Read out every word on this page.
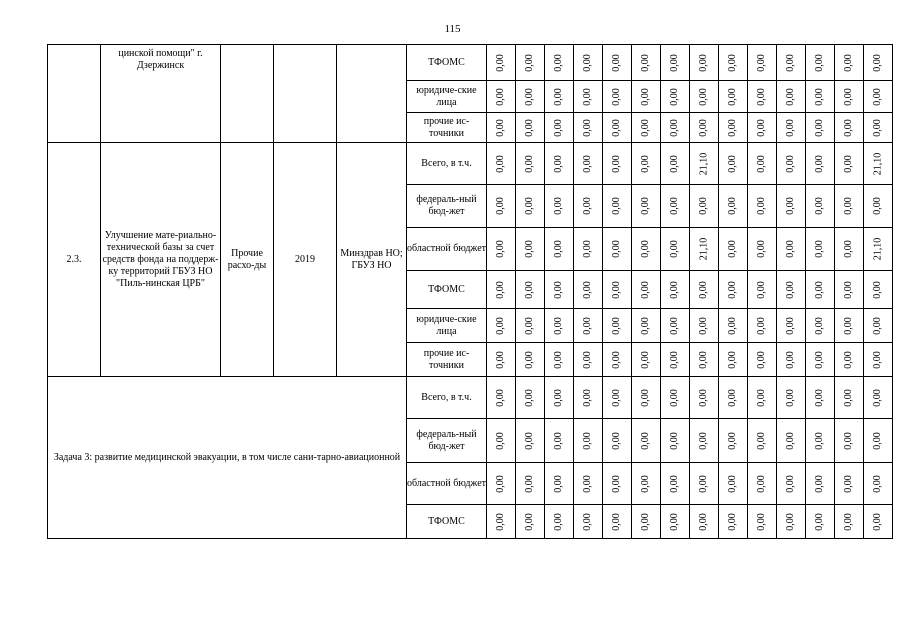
115
	цинской помощи" г. Дзержинск				ТФОМС	0,00	0,00	0,00	0,00	0,00	0,00	0,00	0,00	0,00	0,00	0,00	0,00	0,00	0,00
					юридиче-ские лица	0,00	0,00	0,00	0,00	0,00	0,00	0,00	0,00	0,00	0,00	0,00	0,00	0,00	0,00
					прочие ис-точники	0,00	0,00	0,00	0,00	0,00	0,00	0,00	0,00	0,00	0,00	0,00	0,00	0,00	0,00
2.3.	Улучшение мате-риально-технической базы за счет средств фонда на поддерж-ку территорий ГБУЗ НО "Пиль-нинская ЦРБ"	Прочие расхо-ды	2019	Минздрав НО; ГБУЗ НО	Всего, в т.ч.	0,00	0,00	0,00	0,00	0,00	0,00	0,00	21,10	0,00	0,00	0,00	0,00	0,00	21,10
					федераль-ный бюд-жет	0,00	0,00	0,00	0,00	0,00	0,00	0,00	0,00	0,00	0,00	0,00	0,00	0,00	0,00
					областной бюджет	0,00	0,00	0,00	0,00	0,00	0,00	0,00	21,10	0,00	0,00	0,00	0,00	0,00	21,10
					ТФОМС	0,00	0,00	0,00	0,00	0,00	0,00	0,00	0,00	0,00	0,00	0,00	0,00	0,00	0,00
					юридиче-ские лица	0,00	0,00	0,00	0,00	0,00	0,00	0,00	0,00	0,00	0,00	0,00	0,00	0,00	0,00
					прочие ис-точники	0,00	0,00	0,00	0,00	0,00	0,00	0,00	0,00	0,00	0,00	0,00	0,00	0,00	0,00
Задача 3: развитие медицинской эвакуации, в том числе сани-тарно-авиационной					Всего, в т.ч.	0,00	0,00	0,00	0,00	0,00	0,00	0,00	0,00	0,00	0,00	0,00	0,00	0,00	0,00
					федераль-ный бюд-жет	0,00	0,00	0,00	0,00	0,00	0,00	0,00	0,00	0,00	0,00	0,00	0,00	0,00	0,00
					областной бюджет	0,00	0,00	0,00	0,00	0,00	0,00	0,00	0,00	0,00	0,00	0,00	0,00	0,00	0,00
					ТФОМС	0,00	0,00	0,00	0,00	0,00	0,00	0,00	0,00	0,00	0,00	0,00	0,00	0,00	0,00
